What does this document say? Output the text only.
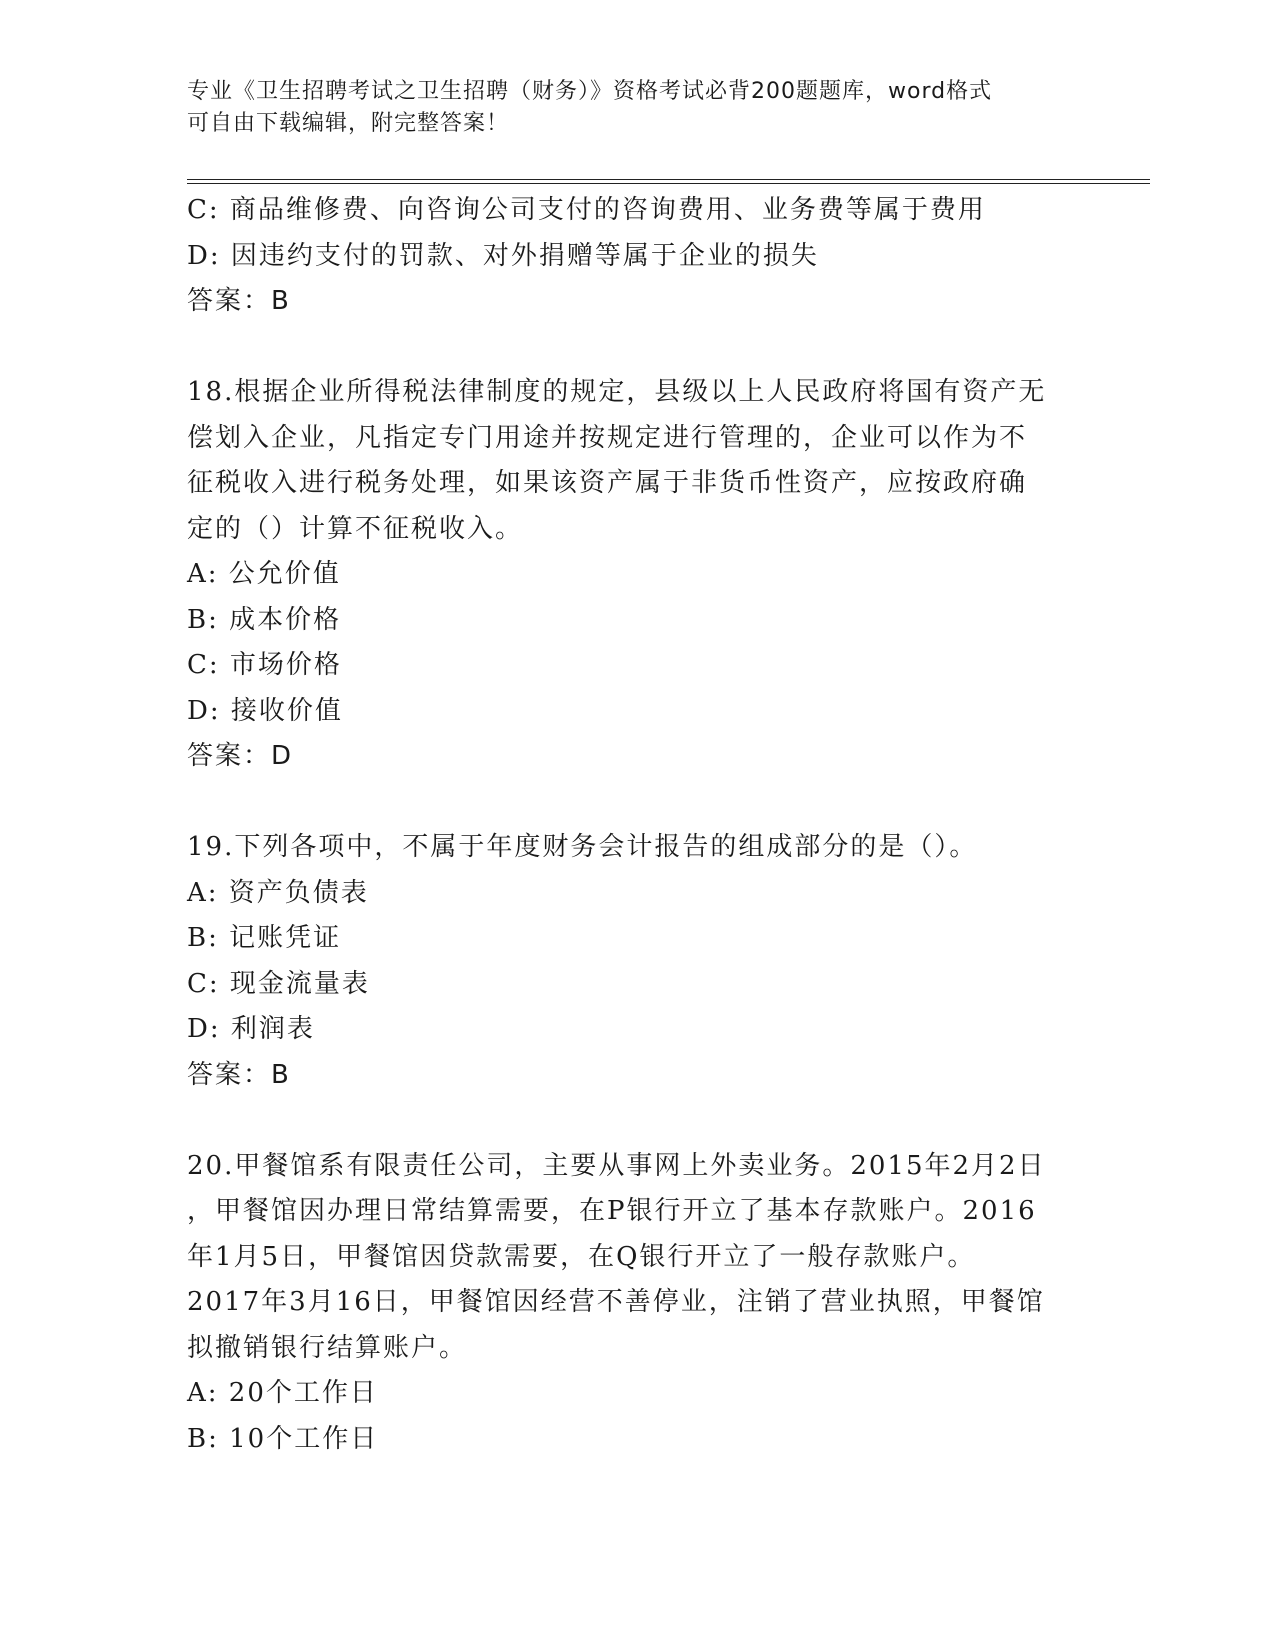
专业《卫生招聘考试之卫生招聘（财务）》资格考试必背200题题库，word格式
可自由下载编辑，附完整答案！
C: 商品维修费、向咨询公司支付的咨询费用、业务费等属于费用
D: 因违约支付的罚款、对外捐赠等属于企业的损失
答案：B
18.根据企业所得税法律制度的规定，县级以上人民政府将国有资产无
偿划入企业，凡指定专门用途并按规定进行管理的，企业可以作为不
征税收入进行税务处理，如果该资产属于非货币性资产，应按政府确
定的（）计算不征税收入。
A: 公允价值
B: 成本价格
C: 市场价格
D: 接收价值
答案：D
19.下列各项中，不属于年度财务会计报告的组成部分的是（）。
A: 资产负债表
B: 记账凭证
C: 现金流量表
D: 利润表
答案：B
20.甲餐馆系有限责任公司，主要从事网上外卖业务。2015年2月2日
，甲餐馆因办理日常结算需要，在P银行开立了基本存款账户。2016
年1月5日，甲餐馆因贷款需要，在Q银行开立了一般存款账户。
2017年3月16日，甲餐馆因经营不善停业，注销了营业执照，甲餐馆
拟撤销银行结算账户。
A: 20个工作日
B: 10个工作日
